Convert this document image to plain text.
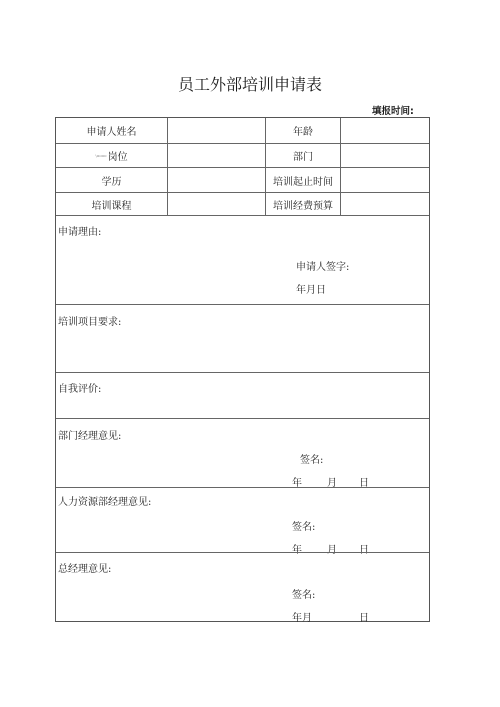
员工外部培训申请表
填报时间:
申请人姓名	年龄
\uooo 岗位	部门
学历	培训起止时间
培训课程	培训经费预算
申请理由:
申请人签字:
年月日
培训项目要求:
自我评价:
部门经理意见:
签名:
年	月 日
人力资源部经理意见:
签名:
年	月 日
总经理意见:
签名:
年月	日
